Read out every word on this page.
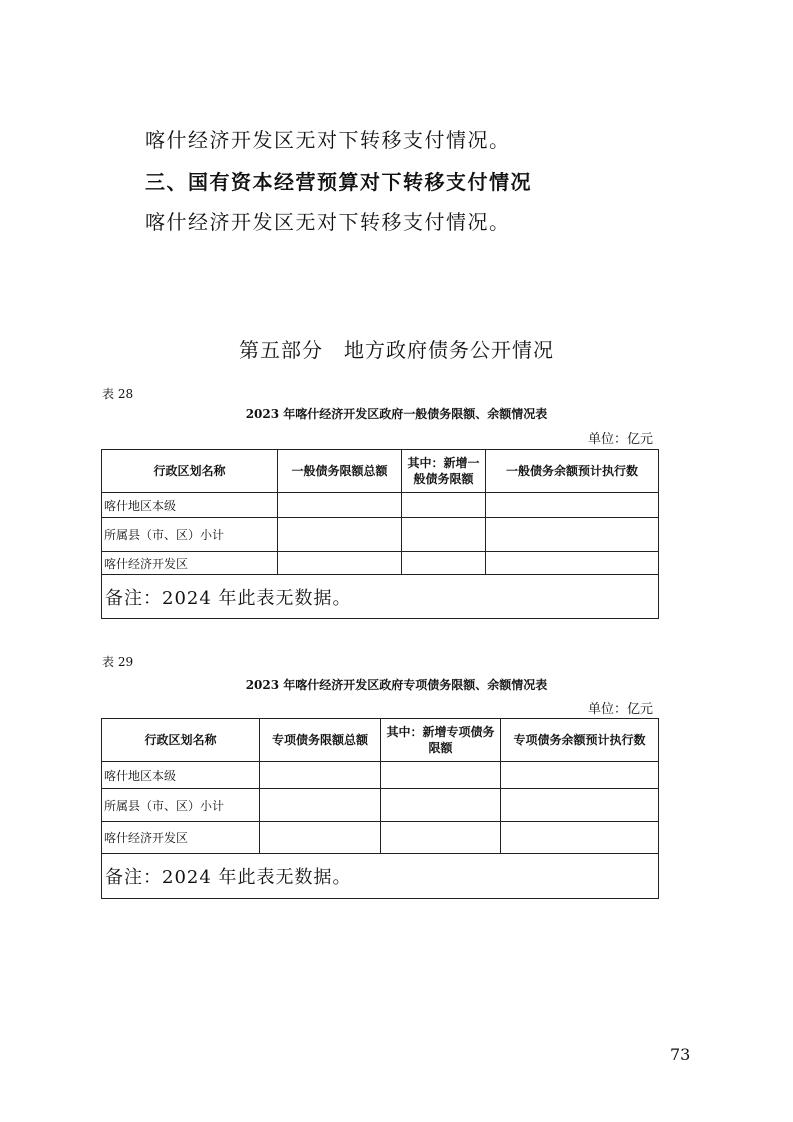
喀什经济开发区无对下转移支付情况。
三、国有资本经营预算对下转移支付情况
喀什经济开发区无对下转移支付情况。
第五部分　地方政府债务公开情况
表 28
2023 年喀什经济开发区政府一般债务限额、余额情况表
单位：亿元
行政区划名称	一般债务限额总额	其中：新增一般债务限额	一般债务余额预计执行数
喀什地区本级			
所属县（市、区）小计			
喀什经济开发区			
备注：2024 年此表无数据。			
表 29
2023 年喀什经济开发区政府专项债务限额、余额情况表
单位：亿元
行政区划名称	专项债务限额总额	其中：新增专项债务限额	专项债务余额预计执行数
喀什地区本级			
所属县（市、区）小计			
喀什经济开发区			
备注：2024 年此表无数据。			
73
